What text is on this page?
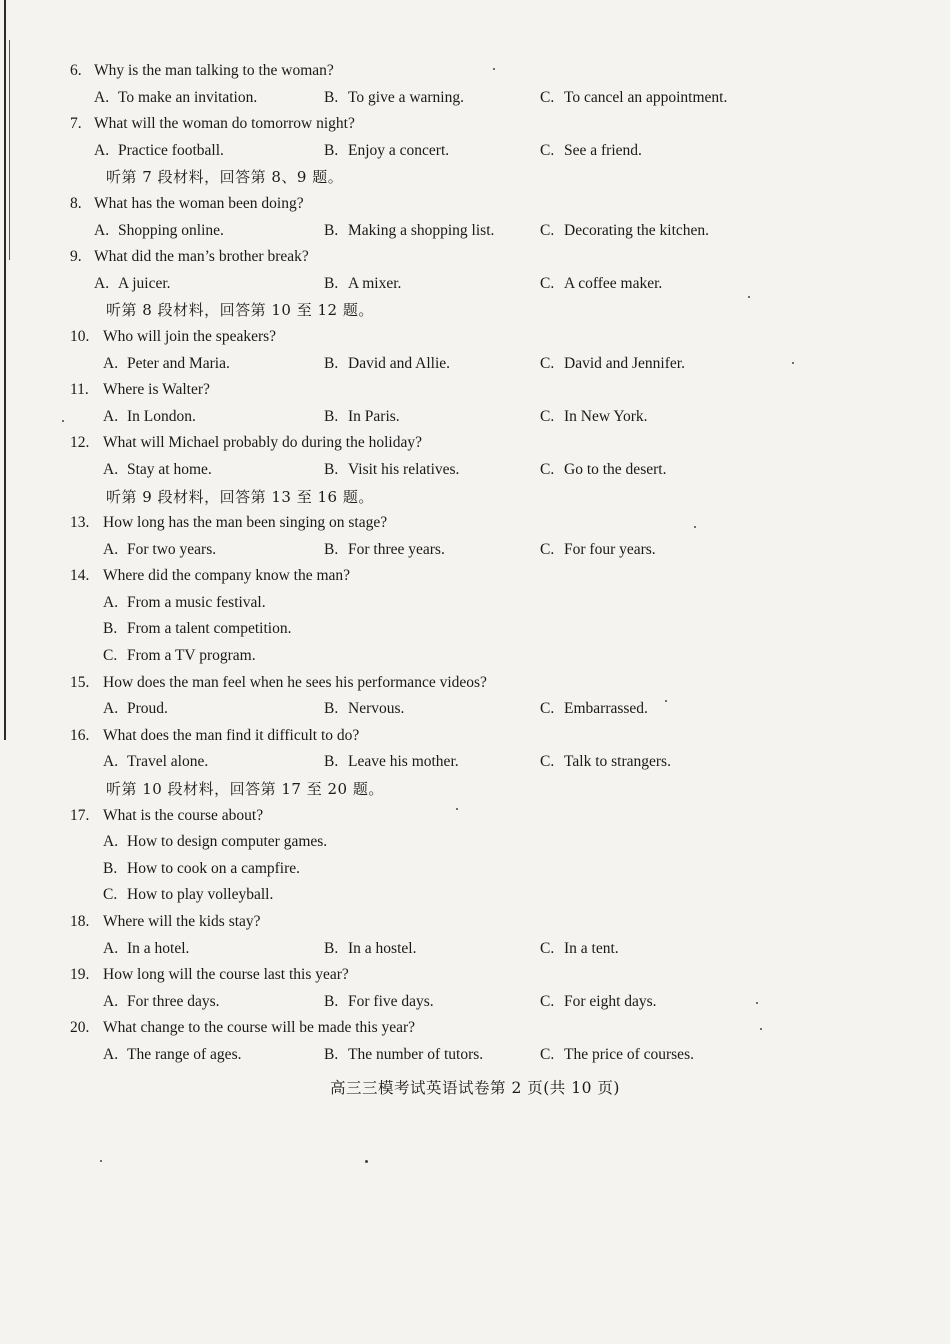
6. Why is the man talking to the woman?
A. To make an invitation.	B. To give a warning.	C. To cancel an appointment.
7. What will the woman do tomorrow night?
A. Practice football.	B. Enjoy a concert.	C. See a friend.
听第 7 段材料，回答第 8、9 题。
8. What has the woman been doing?
A. Shopping online.	B. Making a shopping list.	C. Decorating the kitchen.
9. What did the man’s brother break?
A. A juicer.	B. A mixer.	C. A coffee maker.
听第 8 段材料，回答第 10 至 12 题。
10. Who will join the speakers?
A. Peter and Maria.	B. David and Allie.	C. David and Jennifer.
11. Where is Walter?
A. In London.	B. In Paris.	C. In New York.
12. What will Michael probably do during the holiday?
A. Stay at home.	B. Visit his relatives.	C. Go to the desert.
听第 9 段材料，回答第 13 至 16 题。
13. How long has the man been singing on stage?
A. For two years.	B. For three years.	C. For four years.
14. Where did the company know the man?
A. From a music festival.
B. From a talent competition.
C. From a TV program.
15. How does the man feel when he sees his performance videos?
A. Proud.	B. Nervous.	C. Embarrassed.
16. What does the man find it difficult to do?
A. Travel alone.	B. Leave his mother.	C. Talk to strangers.
听第 10 段材料，回答第 17 至 20 题。
17. What is the course about?
A. How to design computer games.
B. How to cook on a campfire.
C. How to play volleyball.
18. Where will the kids stay?
A. In a hotel.	B. In a hostel.	C. In a tent.
19. How long will the course last this year?
A. For three days.	B. For five days.	C. For eight days.
20. What change to the course will be made this year?
A. The range of ages.	B. The number of tutors.	C. The price of courses.
高三三模考试英语试卷第 2 页(共 10 页)
